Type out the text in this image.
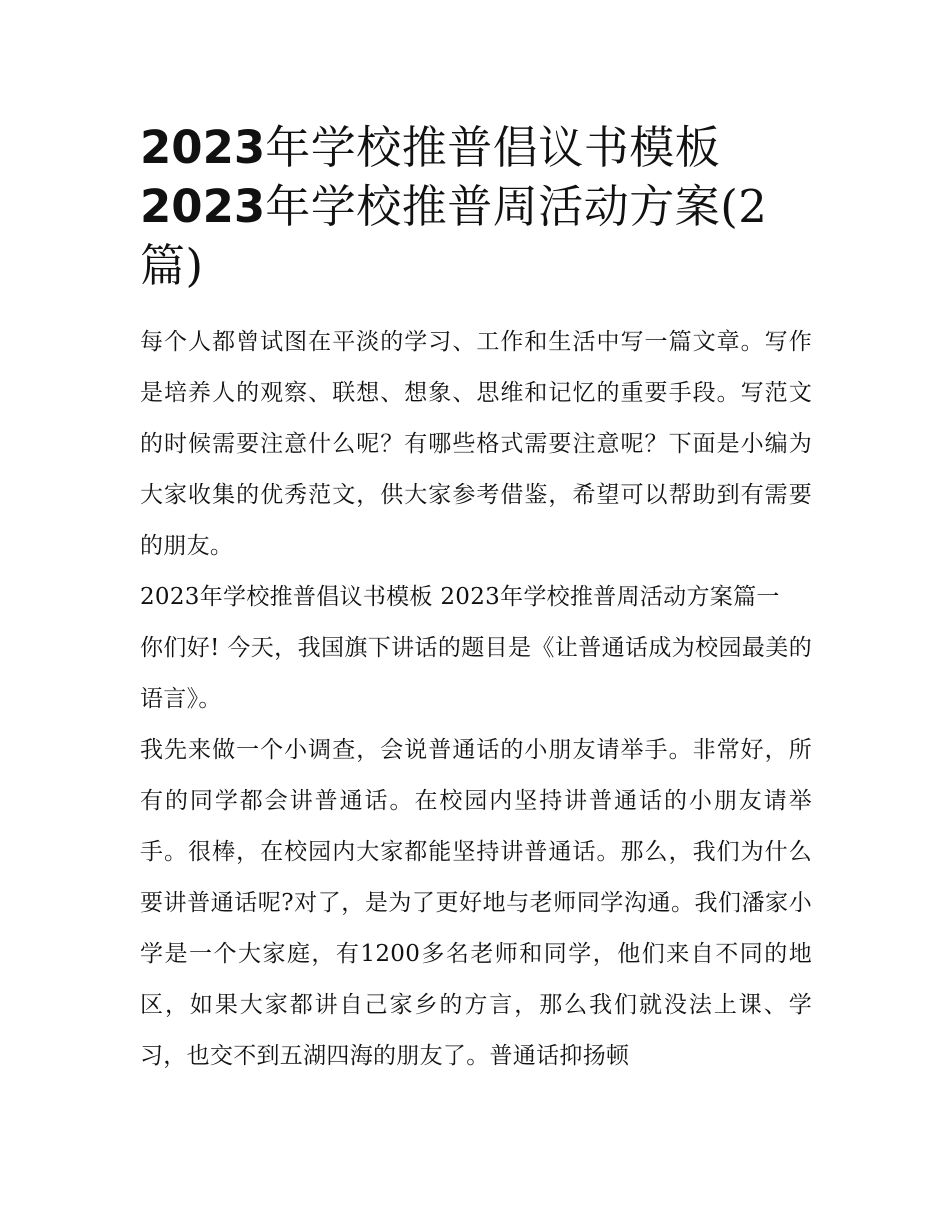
2023年学校推普倡议书模板
2023年学校推普周活动方案(2
篇)

每个人都曾试图在平淡的学习、工作和生活中写一篇文章。写作是培养人的观察、联想、想象、思维和记忆的重要手段。写范文的时候需要注意什么呢？有哪些格式需要注意呢？下面是小编为大家收集的优秀范文，供大家参考借鉴，希望可以帮助到有需要的朋友。

2023年学校推普倡议书模板 2023年学校推普周活动方案篇一

你们好! 今天，我国旗下讲话的题目是《让普通话成为校园最美的语言》。

我先来做一个小调查，会说普通话的小朋友请举手。非常好，所有的同学都会讲普通话。在校园内坚持讲普通话的小朋友请举手。很棒，在校园内大家都能坚持讲普通话。那么，我们为什么要讲普通话呢?对了，是为了更好地与老师同学沟通。我们潘家小学是一个大家庭，有1200多名老师和同学，他们来自不同的地区，如果大家都讲自己家乡的方言，那么我们就没法上课、学习，也交不到五湖四海的朋友了。普通话抑扬顿
